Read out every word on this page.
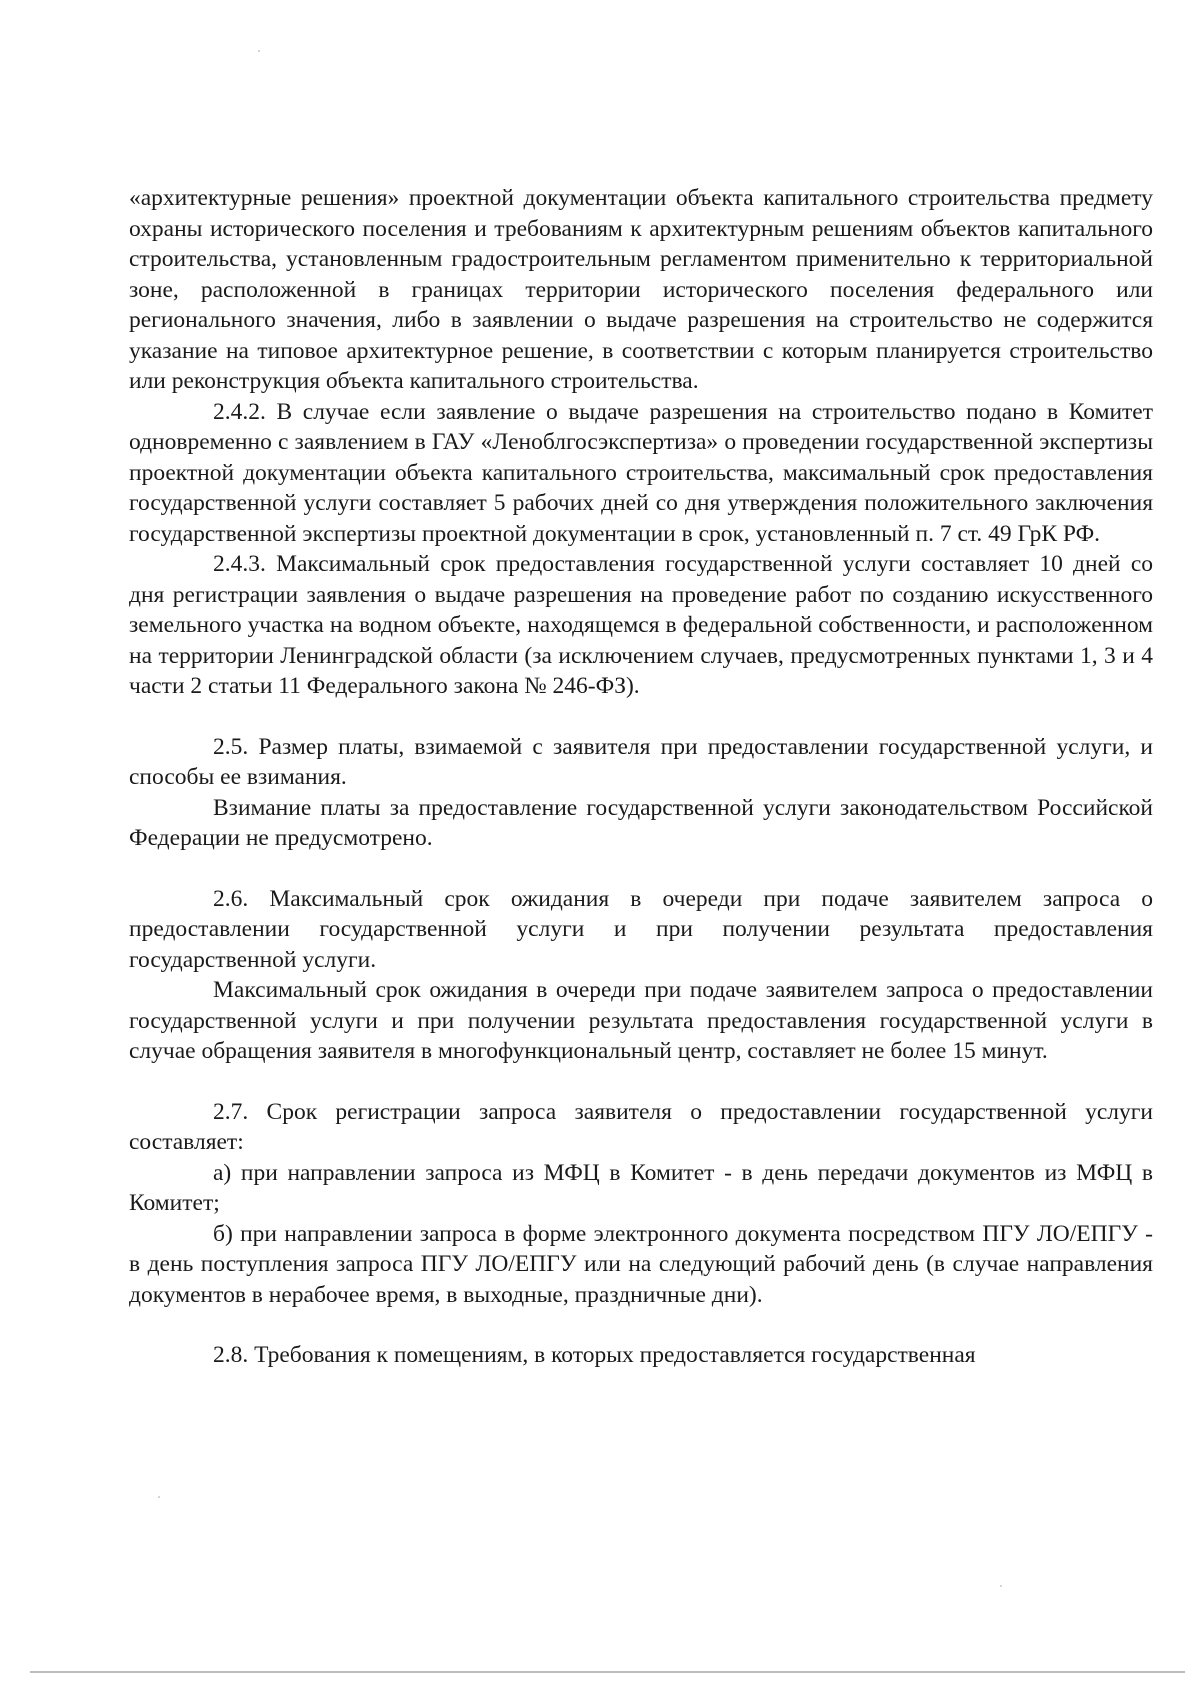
«архитектурные решения» проектной документации объекта капитального строительства предмету охраны исторического поселения и требованиям к архитектурным решениям объектов капитального строительства, установленным градостроительным регламентом применительно к территориальной зоне, расположенной в границах территории исторического поселения федерального или регионального значения, либо в заявлении о выдаче разрешения на строительство не содержится указание на типовое архитектурное решение, в соответствии с которым планируется строительство или реконструкция объекта капитального строительства.

2.4.2. В случае если заявление о выдаче разрешения на строительство подано в Комитет одновременно с заявлением в ГАУ «Леноблгосэкспертиза» о проведении государственной экспертизы проектной документации объекта капитального строительства, максимальный срок предоставления государственной услуги составляет 5 рабочих дней со дня утверждения положительного заключения государственной экспертизы проектной документации в срок, установленный п. 7 ст. 49 ГрК РФ.

2.4.3. Максимальный срок предоставления государственной услуги составляет 10 дней со дня регистрации заявления о выдаче разрешения на проведение работ по созданию искусственного земельного участка на водном объекте, находящемся в федеральной собственности, и расположенном на территории Ленинградской области (за исключением случаев, предусмотренных пунктами 1, 3 и 4 части 2 статьи 11 Федерального закона № 246-ФЗ).

2.5. Размер платы, взимаемой с заявителя при предоставлении государственной услуги, и способы ее взимания.

Взимание платы за предоставление государственной услуги законодательством Российской Федерации не предусмотрено.

2.6. Максимальный срок ожидания в очереди при подаче заявителем запроса о предоставлении государственной услуги и при получении результата предоставления государственной услуги.

Максимальный срок ожидания в очереди при подаче заявителем запроса о предоставлении государственной услуги и при получении результата предоставления государственной услуги в случае обращения заявителя в многофункциональный центр, составляет не более 15 минут.

2.7. Срок регистрации запроса заявителя о предоставлении государственной услуги составляет:

а) при направлении запроса из МФЦ в Комитет - в день передачи документов из МФЦ в Комитет;

б) при направлении запроса в форме электронного документа посредством ПГУ ЛО/ЕПГУ - в день поступления запроса ПГУ ЛО/ЕПГУ или на следующий рабочий день (в случае направления документов в нерабочее время, в выходные, праздничные дни).

2.8. Требования к помещениям, в которых предоставляется государственная
